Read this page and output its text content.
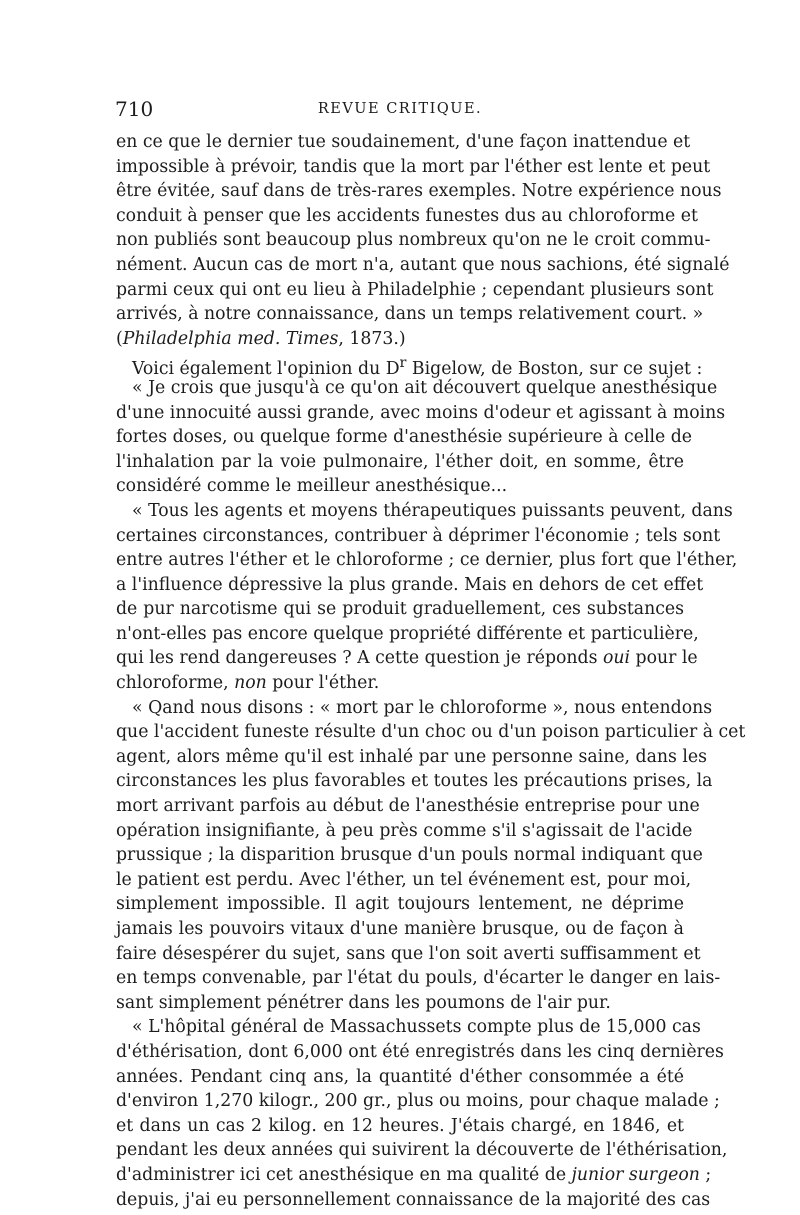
710	REVUE CRITIQUE.
en ce que le dernier tue soudainement, d'une façon inattendue et
impossible à prévoir, tandis que la mort par l'éther est lente et peut
être évitée, sauf dans de très-rares exemples. Notre expérience nous
conduit à penser que les accidents funestes dus au chloroforme et
non publiés sont beaucoup plus nombreux qu'on ne le croit commu-
nément. Aucun cas de mort n'a, autant que nous sachions, été signalé
parmi ceux qui ont eu lieu à Philadelphie ; cependant plusieurs sont
arrivés, à notre connaissance, dans un temps relativement court. »
(Philadelphia med. Times, 1873.)
Voici également l'opinion du $D^r$ Bigelow, de Boston, sur ce sujet :
« Je crois que jusqu'à ce qu'on ait découvert quelque anesthésique
d'une innocuité aussi grande, avec moins d'odeur et agissant à moins
fortes doses, ou quelque forme d'anesthésie supérieure à celle de
l'inhalation par la voie pulmonaire, l'éther doit, en somme, être
considéré comme le meilleur anesthésique...
« Tous les agents et moyens thérapeutiques puissants peuvent, dans
certaines circonstances, contribuer à déprimer l'économie ; tels sont
entre autres l'éther et le chloroforme ; ce dernier, plus fort que l'éther,
a l'influence dépressive la plus grande. Mais en dehors de cet effet
de pur narcotisme qui se produit graduellement, ces substances
n'ont-elles pas encore quelque propriété différente et particulière,
qui les rend dangereuses ? A cette question je réponds oui pour le
chloroforme, non pour l'éther.
« Qand nous disons : « mort par le chloroforme », nous entendons
que l'accident funeste résulte d'un choc ou d'un poison particulier à cet
agent, alors même qu'il est inhalé par une personne saine, dans les
circonstances les plus favorables et toutes les précautions prises, la
mort arrivant parfois au début de l'anesthésie entreprise pour une
opération insignifiante, à peu près comme s'il s'agissait de l'acide
prussique ; la disparition brusque d'un pouls normal indiquant que
le patient est perdu. Avec l'éther, un tel événement est, pour moi,
simplement impossible. Il agit toujours lentement, ne déprime
jamais les pouvoirs vitaux d'une manière brusque, ou de façon à
faire désespérer du sujet, sans que l'on soit averti suffisamment et
en temps convenable, par l'état du pouls, d'écarter le danger en lais-
sant simplement pénétrer dans les poumons de l'air pur.
« L'hôpital général de Massachussets compte plus de 15,000 cas
d'éthérisation, dont 6,000 ont été enregistrés dans les cinq dernières
années. Pendant cinq ans, la quantité d'éther consommée a été
d'environ 1,270 kilogr., 200 gr., plus ou moins, pour chaque malade ;
et dans un cas 2 kilog. en 12 heures. J'étais chargé, en 1846, et
pendant les deux années qui suivirent la découverte de l'éthérisation,
d'administrer ici cet anesthésique en ma qualité de junior surgeon ;
depuis, j'ai eu personnellement connaissance de la majorité des cas
